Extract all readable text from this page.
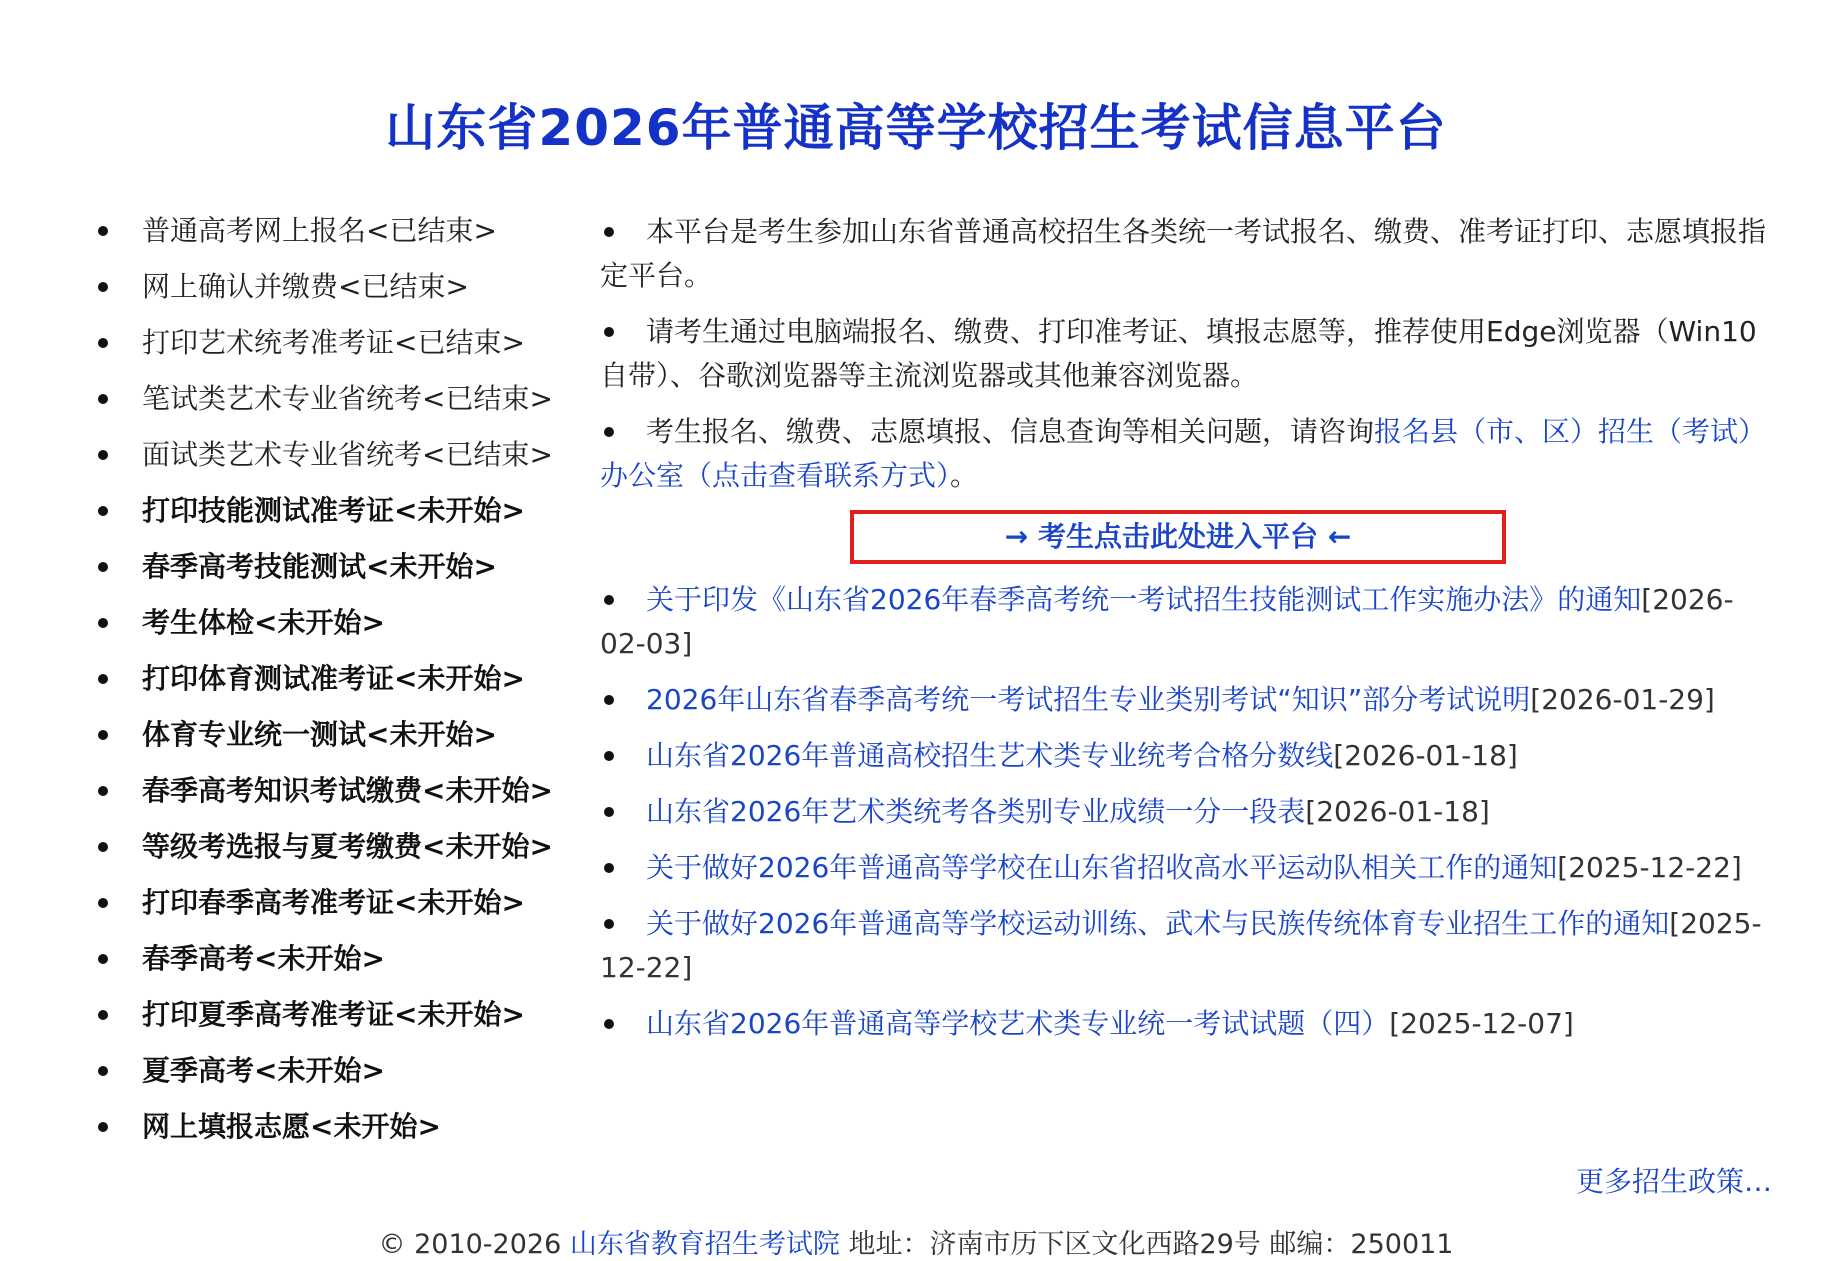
山东省2026年普通高等学校招生考试信息平台
普通高考网上报名<已结束>
网上确认并缴费<已结束>
打印艺术统考准考证<已结束>
笔试类艺术专业省统考<已结束>
面试类艺术专业省统考<已结束>
打印技能测试准考证<未开始>
春季高考技能测试<未开始>
考生体检<未开始>
打印体育测试准考证<未开始>
体育专业统一测试<未开始>
春季高考知识考试缴费<未开始>
等级考选报与夏考缴费<未开始>
打印春季高考准考证<未开始>
春季高考<未开始>
打印夏季高考准考证<未开始>
夏季高考<未开始>
网上填报志愿<未开始>
本平台是考生参加山东省普通高校招生各类统一考试报名、缴费、准考证打印、志愿填报指定平台。
请考生通过电脑端报名、缴费、打印准考证、填报志愿等，推荐使用Edge浏览器（Win10自带）、谷歌浏览器等主流浏览器或其他兼容浏览器。
考生报名、缴费、志愿填报、信息查询等相关问题，请咨询报名县（市、区）招生（考试）办公室（点击查看联系方式）。
→ 考生点击此处进入平台 ←
关于印发《山东省2026年春季高考统一考试招生技能测试工作实施办法》的通知[2026-02-03]
2026年山东省春季高考统一考试招生专业类别考试“知识”部分考试说明[2026-01-29]
山东省2026年普通高校招生艺术类专业统考合格分数线[2026-01-18]
山东省2026年艺术类统考各类别专业成绩一分一段表[2026-01-18]
关于做好2026年普通高等学校在山东省招收高水平运动队相关工作的通知[2025-12-22]
关于做好2026年普通高等学校运动训练、武术与民族传统体育专业招生工作的通知[2025-12-22]
山东省2026年普通高等学校艺术类专业统一考试试题（四）[2025-12-07]
更多招生政策…
© 2010-2026 山东省教育招生考试院 地址：济南市历下区文化西路29号 邮编：250011
